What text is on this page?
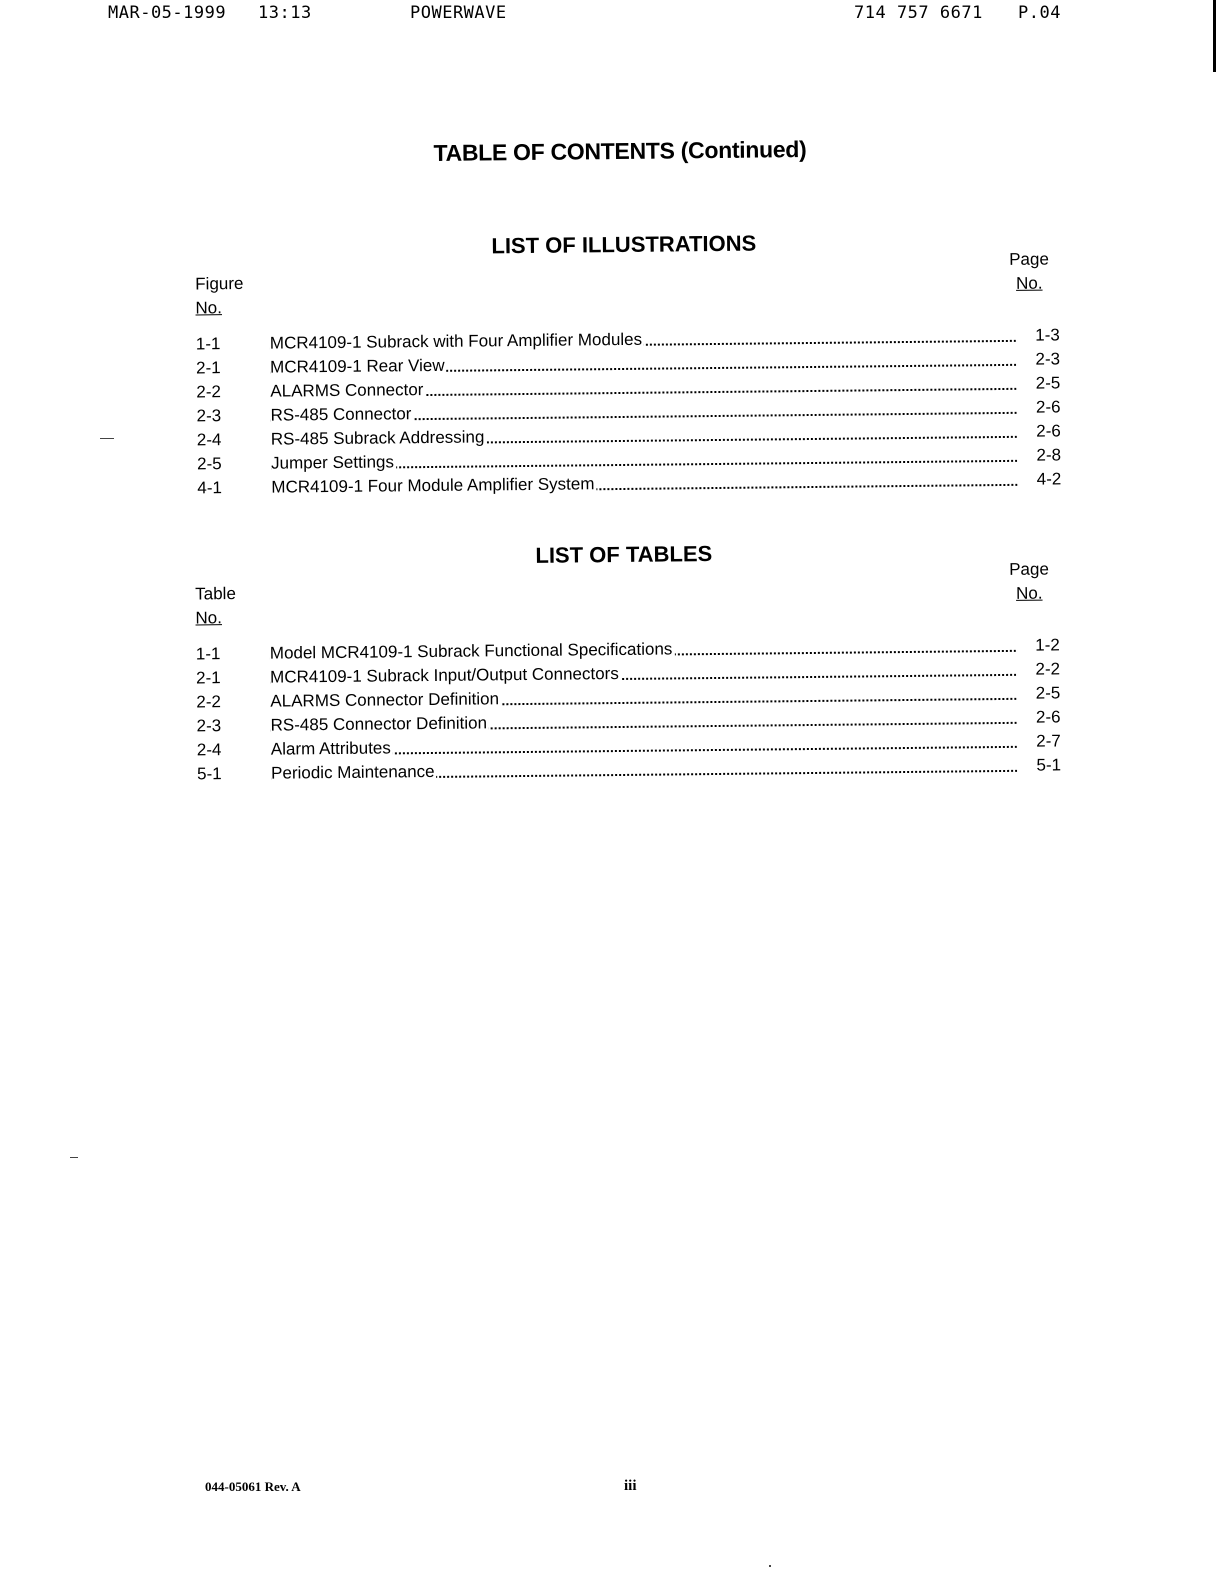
MAR-05-1999 13:13	POWERWAVE	714 757 6671 P.04
TABLE OF CONTENTS (Continued)
LIST OF ILLUSTRATIONS
Figure
No.
Page
No.
1-1	MCR4109-1 Subrack with Four Amplifier Modules	1-3
2-1	MCR4109-1 Rear View	2-3
2-2	ALARMS Connector	2-5
2-3	RS-485 Connector	2-6
2-4	RS-485 Subrack Addressing	2-6
2-5	Jumper Settings	2-8
4-1	MCR4109-1 Four Module Amplifier System	4-2
LIST OF TABLES
Table
No.
Page
No.
1-1	Model MCR4109-1 Subrack Functional Specifications	1-2
2-1	MCR4109-1 Subrack Input/Output Connectors	2-2
2-2	ALARMS Connector Definition	2-5
2-3	RS-485 Connector Definition	2-6
2-4	Alarm Attributes	2-7
5-1	Periodic Maintenance	5-1
044-05061 Rev. A	iii
